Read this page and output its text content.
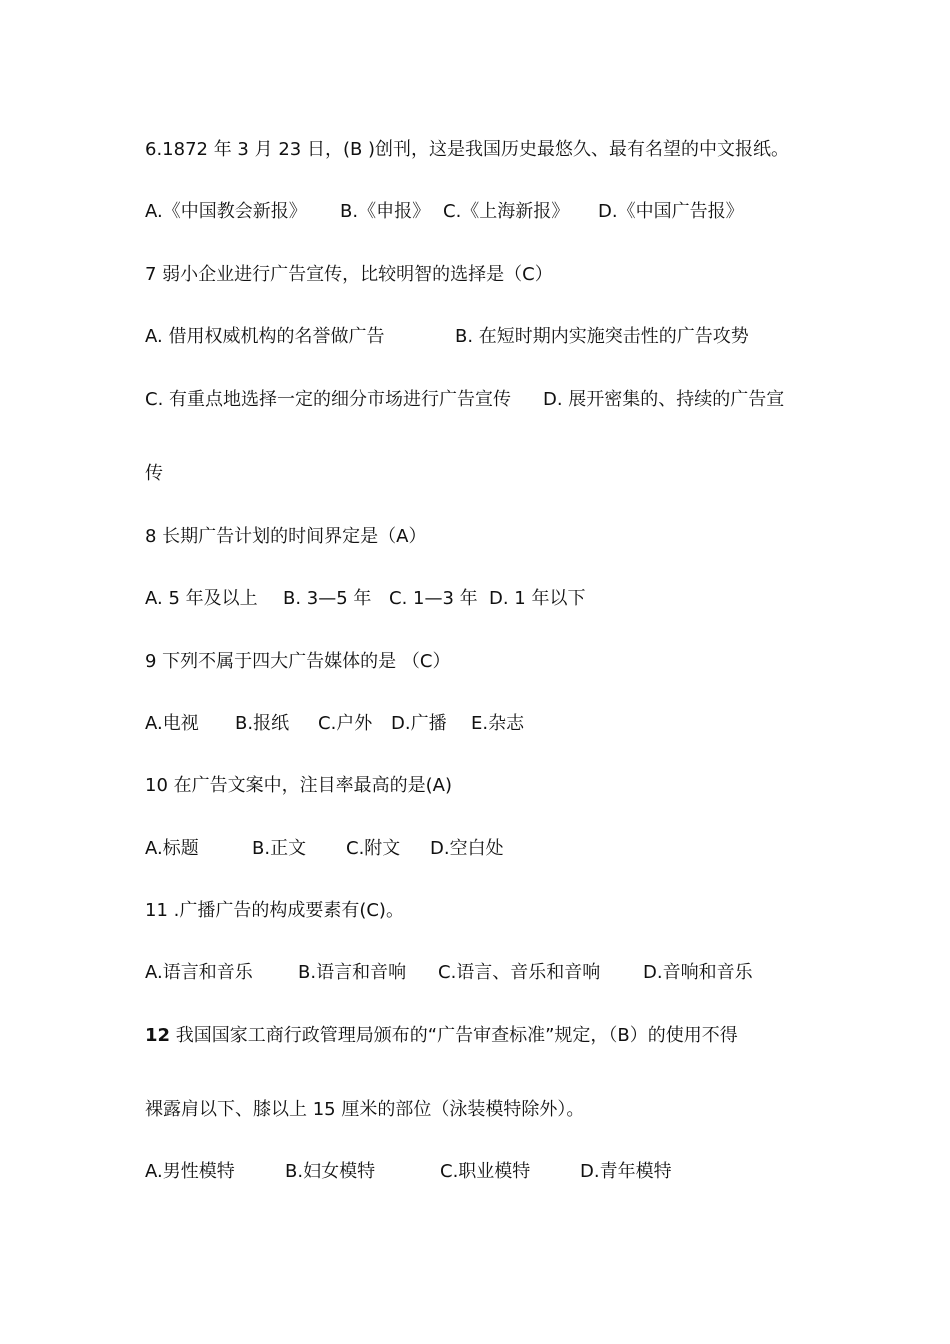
6.1872 年 3 月 23 日，(B )创刊，这是我国历史最悠久、最有名望的中文报纸。
A.《中国教会新报》 B.《申报》 C.《上海新报》 D.《中国广告报》
7 弱小企业进行广告宣传，比较明智的选择是（C）
A. 借用权威机构的名誉做广告	B. 在短时期内实施突击性的广告攻势
C. 有重点地选择一定的细分市场进行广告宣传 D. 展开密集的、持续的广告宣
传
8 长期广告计划的时间界定是（A）
A. 5 年及以上 B. 3—5 年 C. 1—3 年 D. 1 年以下
9 下列不属于四大广告媒体的是 （C）
A.电视 B.报纸 C.户外 D.广播 E.杂志
10 在广告文案中，注目率最高的是(A)
A.标题	B.正文 C.附文 D.空白处
11 .广播广告的构成要素有(C)。
A.语言和音乐	B.语言和音响 C.语言、音乐和音响 D.音响和音乐
12 我国国家工商行政管理局颁布的“广告审查标准”规定，（B）的使用不得
裸露肩以下、膝以上 15 厘米的部位（泳装模特除外）。
A.男性模特	B.妇女模特	C.职业模特	D.青年模特
